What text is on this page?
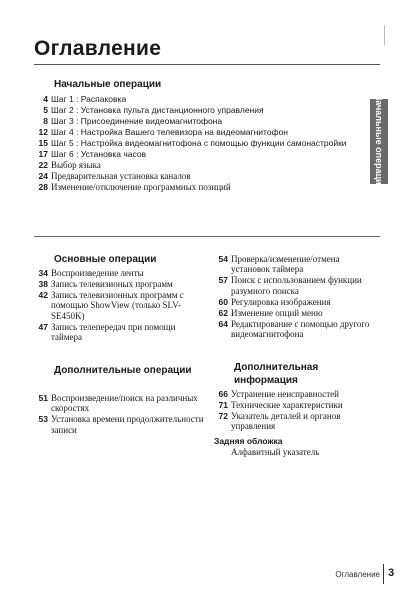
Оглавление
Начальные операции
Начальные операции
4 Шаг 1 : Распаковка
5 Шаг 2 : Установка пульта дистанционного управления
8 Шаг 3 : Присоединение видеомагнитофона
12 Шаг 4 : Настройка Вашего телевизора на видеомагнитофон
15 Шаг 5 : Настройка видеомагнитофона с помощью функции самонастройки
17 Шаг 6 : Установка часов
22 Выбор языка
24 Предварительная установка каналов
28 Изменение/отключение программных позиций
Основные операции
34 Воспроизведение ленты
38 Запись телевизионых программ
42 Запись телевизионных программ с помощью ShowView (только SLV-SE450K)
47 Запись телепередач при помощи таймера
Дополнительные операции
51 Воспроизведение/поиск на различных скоростях
53 Установка времени продолжительности записи
54 Проверка/изменение/отмена установок таймера
57 Поиск с использованием функции разумного поиска
60 Регулировка изображения
62 Изменение опций меню
64 Редактирование с помощью другого видеомагнитофона
Дополнительная информация
66 Устранение неисправностей
71 Технические характеристики
72 Указатель деталей и органов управления
Задняя обложка
Алфавитный указатель
Оглавление 3
